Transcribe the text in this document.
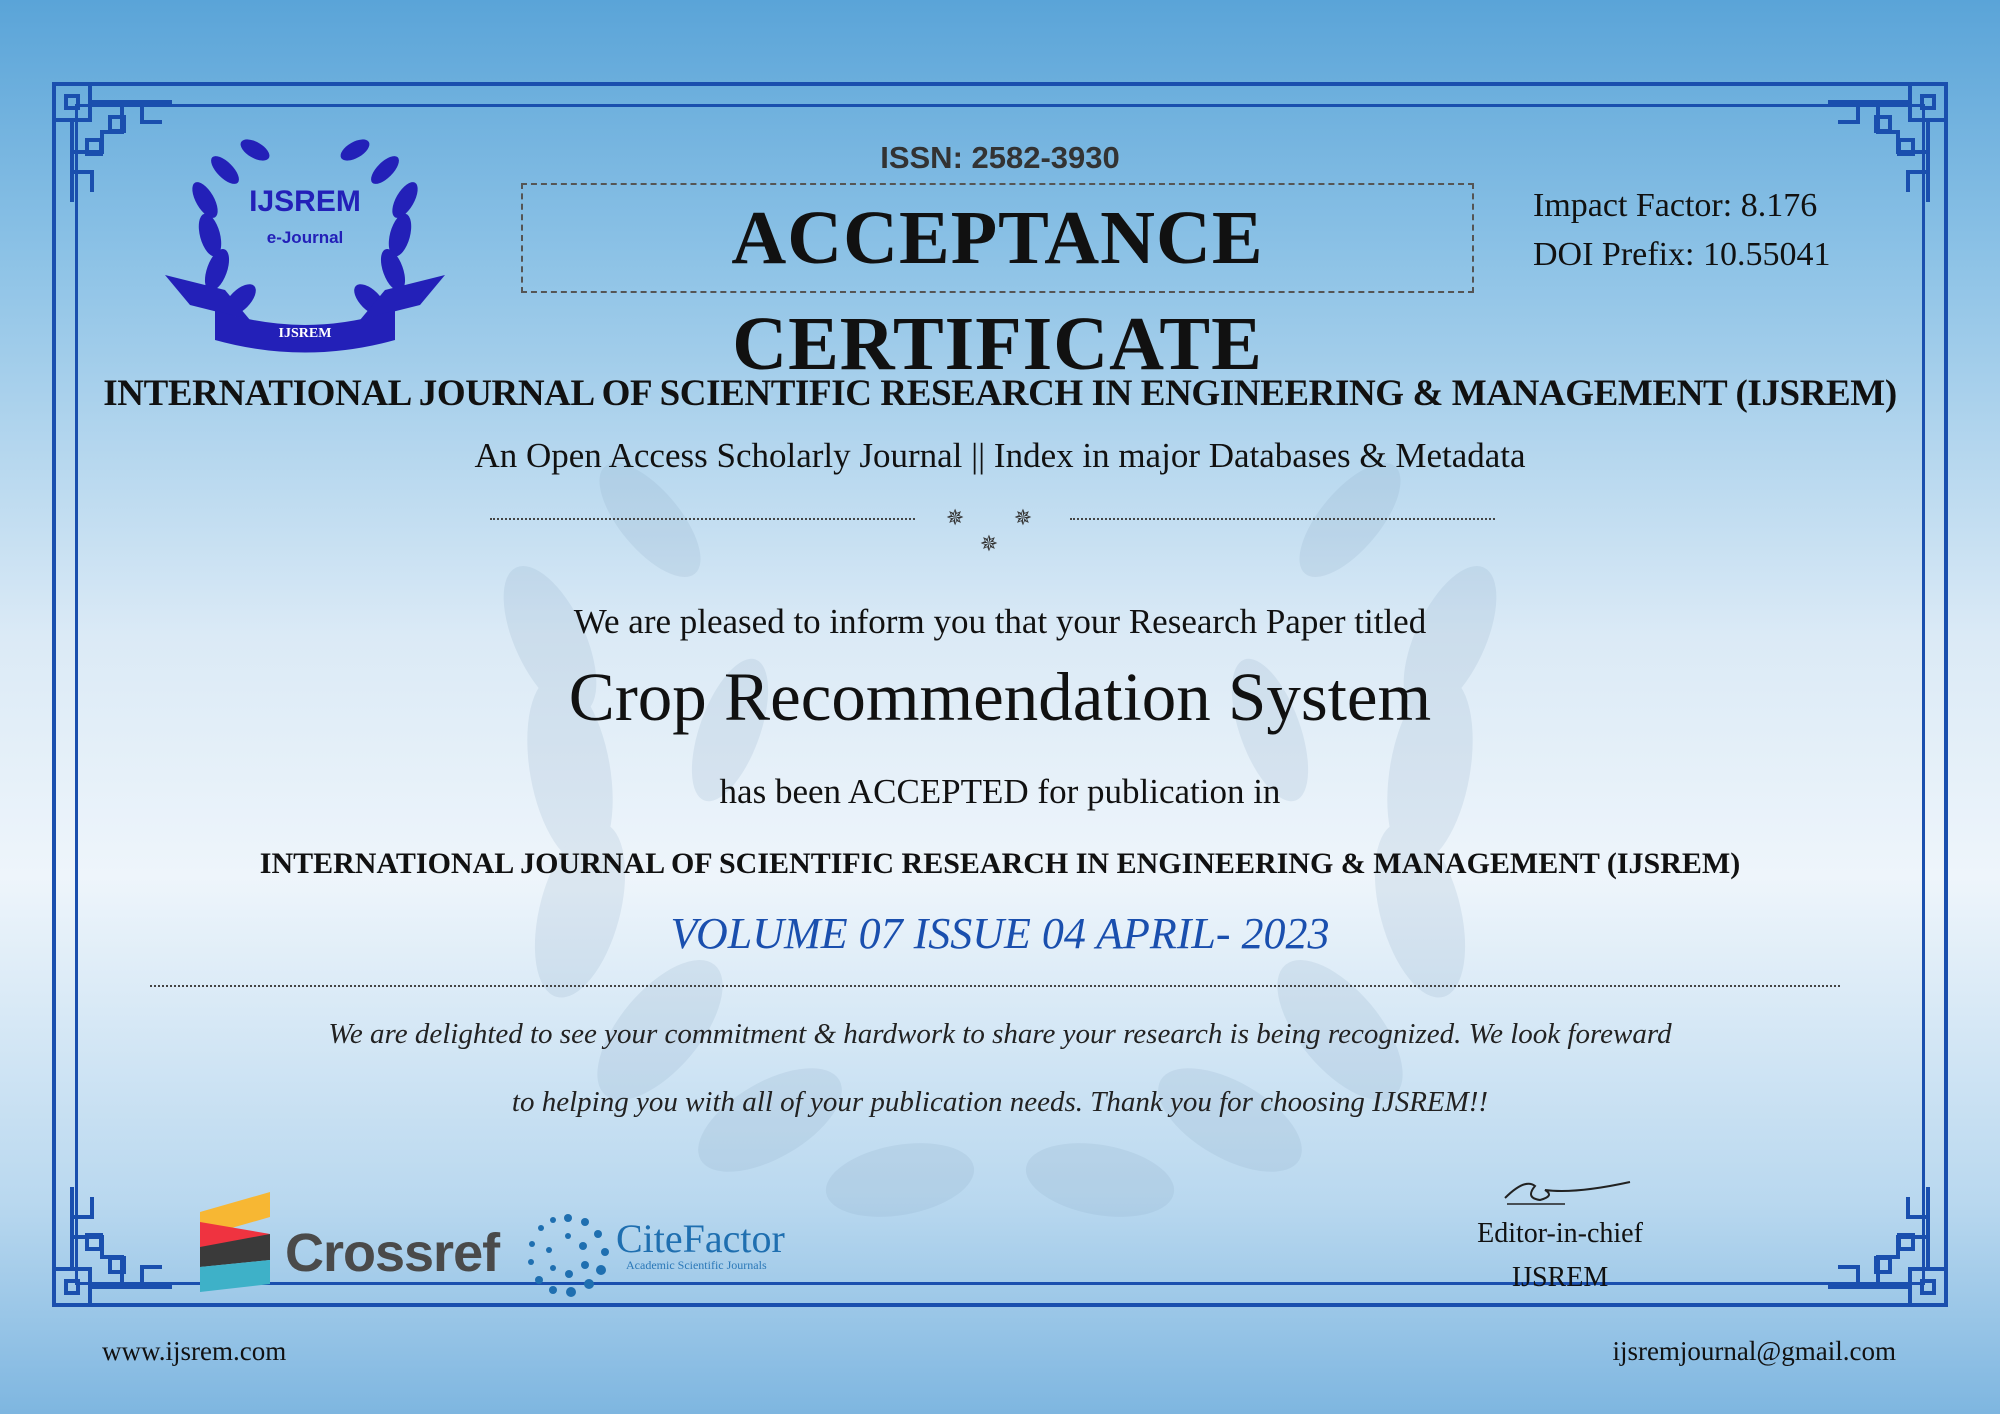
IJSREM
e-Journal
IJSREM
ISSN: 2582-3930
ACCEPTANCE CERTIFICATE
Impact Factor: 8.176
DOI Prefix: 10.55041
INTERNATIONAL JOURNAL OF SCIENTIFIC RESEARCH IN ENGINEERING & MANAGEMENT (IJSREM)
An Open Access Scholarly Journal || Index in major Databases & Metadata
✵ ✵ ✵
We are pleased to inform you that your Research Paper titled
Crop Recommendation System
has been ACCEPTED for publication in
INTERNATIONAL JOURNAL OF SCIENTIFIC RESEARCH IN ENGINEERING & MANAGEMENT (IJSREM)
VOLUME 07 ISSUE 04 APRIL- 2023
We are delighted to see your commitment & hardwork to share your research is being recognized. We look foreward
to helping you with all of your publication needs. Thank you for choosing IJSREM!!
Crossref	CiteFactor
Academic Scientific Journals
Editor-in-chief
IJSREM
www.ijsrem.com	ijsremjournal@gmail.com
